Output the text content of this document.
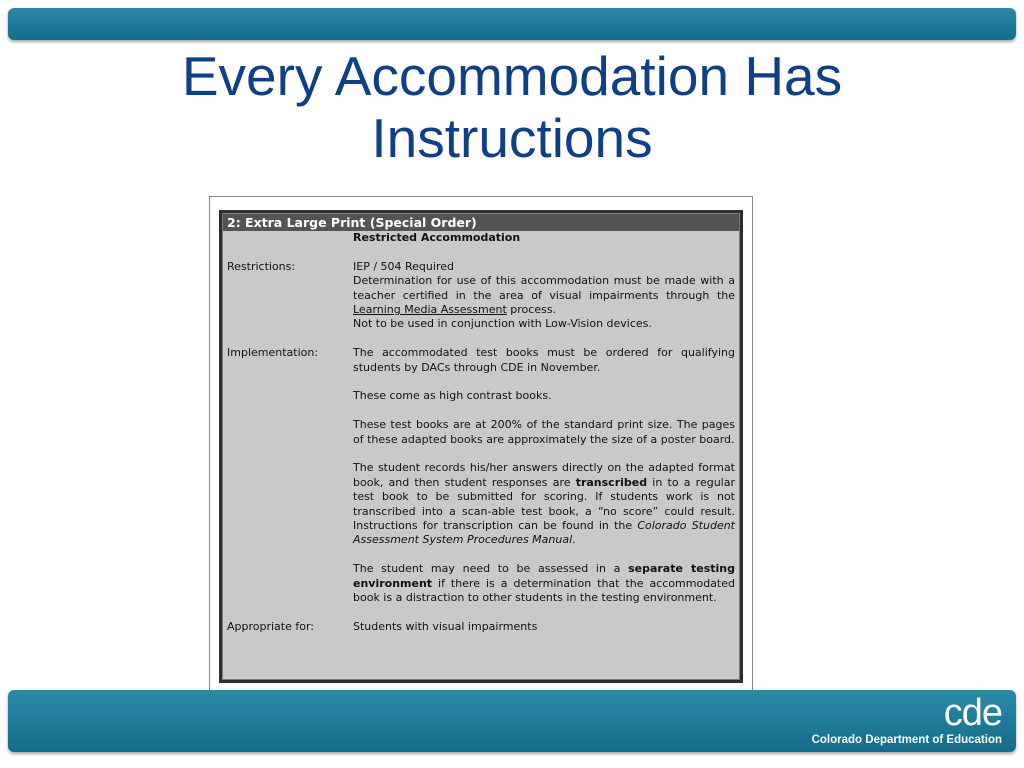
Every Accommodation Has
Instructions
2: Extra Large Print (Special Order)
Restricted Accommodation
Restrictions:	IEP / 504 Required

Determination for use of this accommodation must be made with a teacher certified in the area of visual impairments through the Learning Media Assessment process.

Not to be used in conjunction with Low-Vision devices.

Implementation:	The accommodated test books must be ordered for qualifying students by DACs through CDE in November.

These come as high contrast books.

These test books are at 200% of the standard print size. The pages of these adapted books are approximately the size of a poster board.

The student records his/her answers directly on the adapted format book, and then student responses are transcribed in to a regular test book to be submitted for scoring. If students work is not transcribed into a scan-able test book, a “no score” could result. Instructions for transcription can be found in the Colorado Student Assessment System Procedures Manual.

The student may need to be assessed in a separate testing environment if there is a determination that the accommodated book is a distraction to other students in the testing environment.

Appropriate for:	Students with visual impairments
cde
Colorado Department of Education
